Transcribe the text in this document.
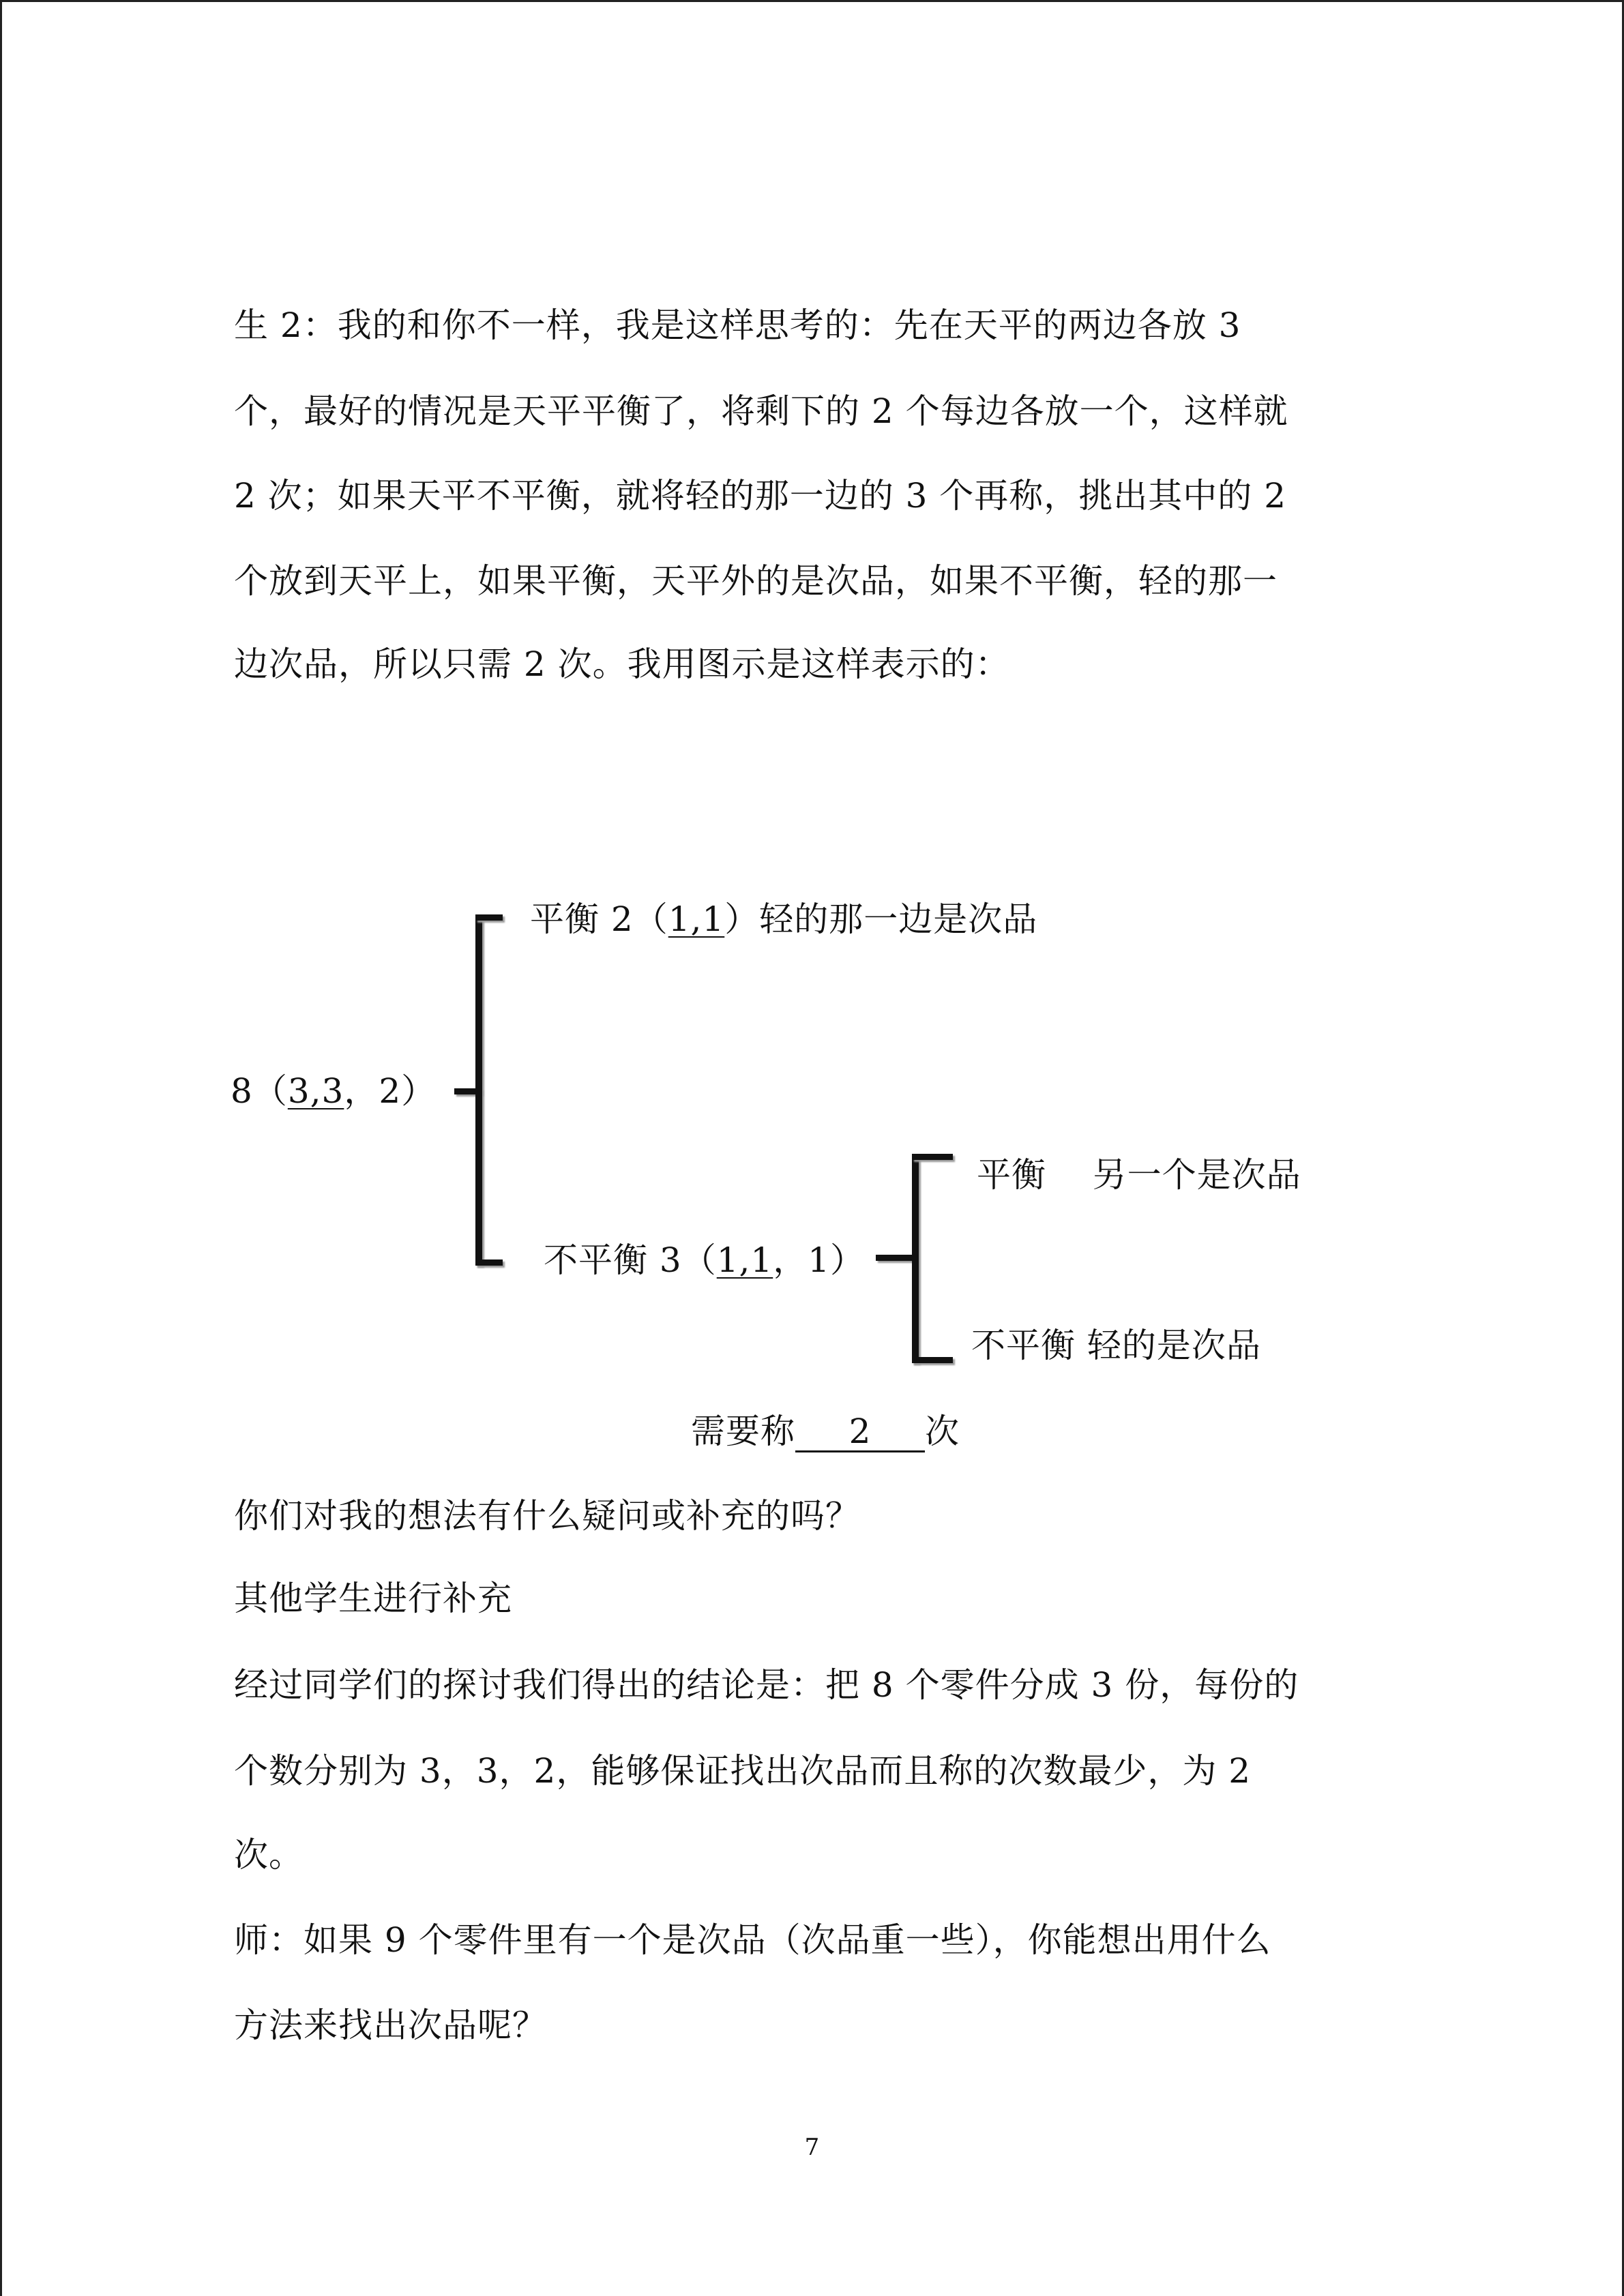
生 2：我的和你不一样，我是这样思考的：先在天平的两边各放 3
个，最好的情况是天平平衡了，将剩下的 2 个每边各放一个，这样就
2 次；如果天平不平衡，就将轻的那一边的 3 个再称，挑出其中的 2
个放到天平上，如果平衡，天平外的是次品，如果不平衡，轻的那一
边次品，所以只需 2 次。我用图示是这样表示的：
8（3,3，2）
平衡 2（1,1）轻的那一边是次品
不平衡 3（1,1，1）
平衡    另一个是次品
不平衡 轻的是次品
需要称 2 次
你们对我的想法有什么疑问或补充的吗？
其他学生进行补充
经过同学们的探讨我们得出的结论是：把 8 个零件分成 3 份，每份的
个数分别为 3，3，2，能够保证找出次品而且称的次数最少，为 2
次。
师：如果 9 个零件里有一个是次品（次品重一些），你能想出用什么
方法来找出次品呢？
7
